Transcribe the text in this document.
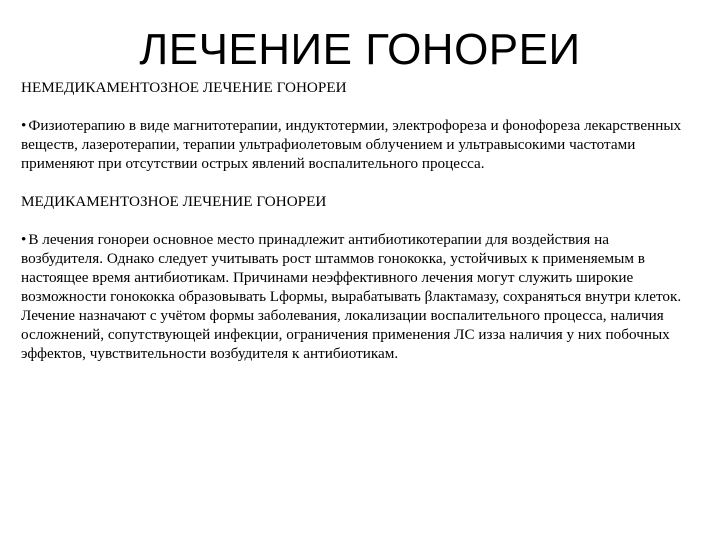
ЛЕЧЕНИЕ ГОНОРЕИ

НЕМЕДИКАМЕНТОЗНОЕ ЛЕЧЕНИЕ ГОНОРЕИ

• Физиотерапию в виде магнитотерапии, индуктотермии, электрофореза и фонофореза лекарственных веществ, лазеротерапии, терапии ультрафиолетовым облучением и ультравысокими частотами применяют при отсутствии острых явлений воспалительного процесса.

МЕДИКАМЕНТОЗНОЕ ЛЕЧЕНИЕ ГОНОРЕИ

• В лечения гонореи основное место принадлежит антибиотикотерапии для воздействия на возбудителя. Однако следует учитывать рост штаммов гонококка, устойчивых к применяемым в настоящее время антибиотикам. Причинами неэффективного лечения могут служить широкие возможности гонококка образовывать Lформы, вырабатывать βлактамазу, сохраняться внутри клеток. Лечение назначают с учётом формы заболевания, локализации воспалительного процесса, наличия осложнений, сопутствующей инфекции, ограничения применения ЛС изза наличия у них побочных эффектов, чувствительности возбудителя к антибиотикам.
